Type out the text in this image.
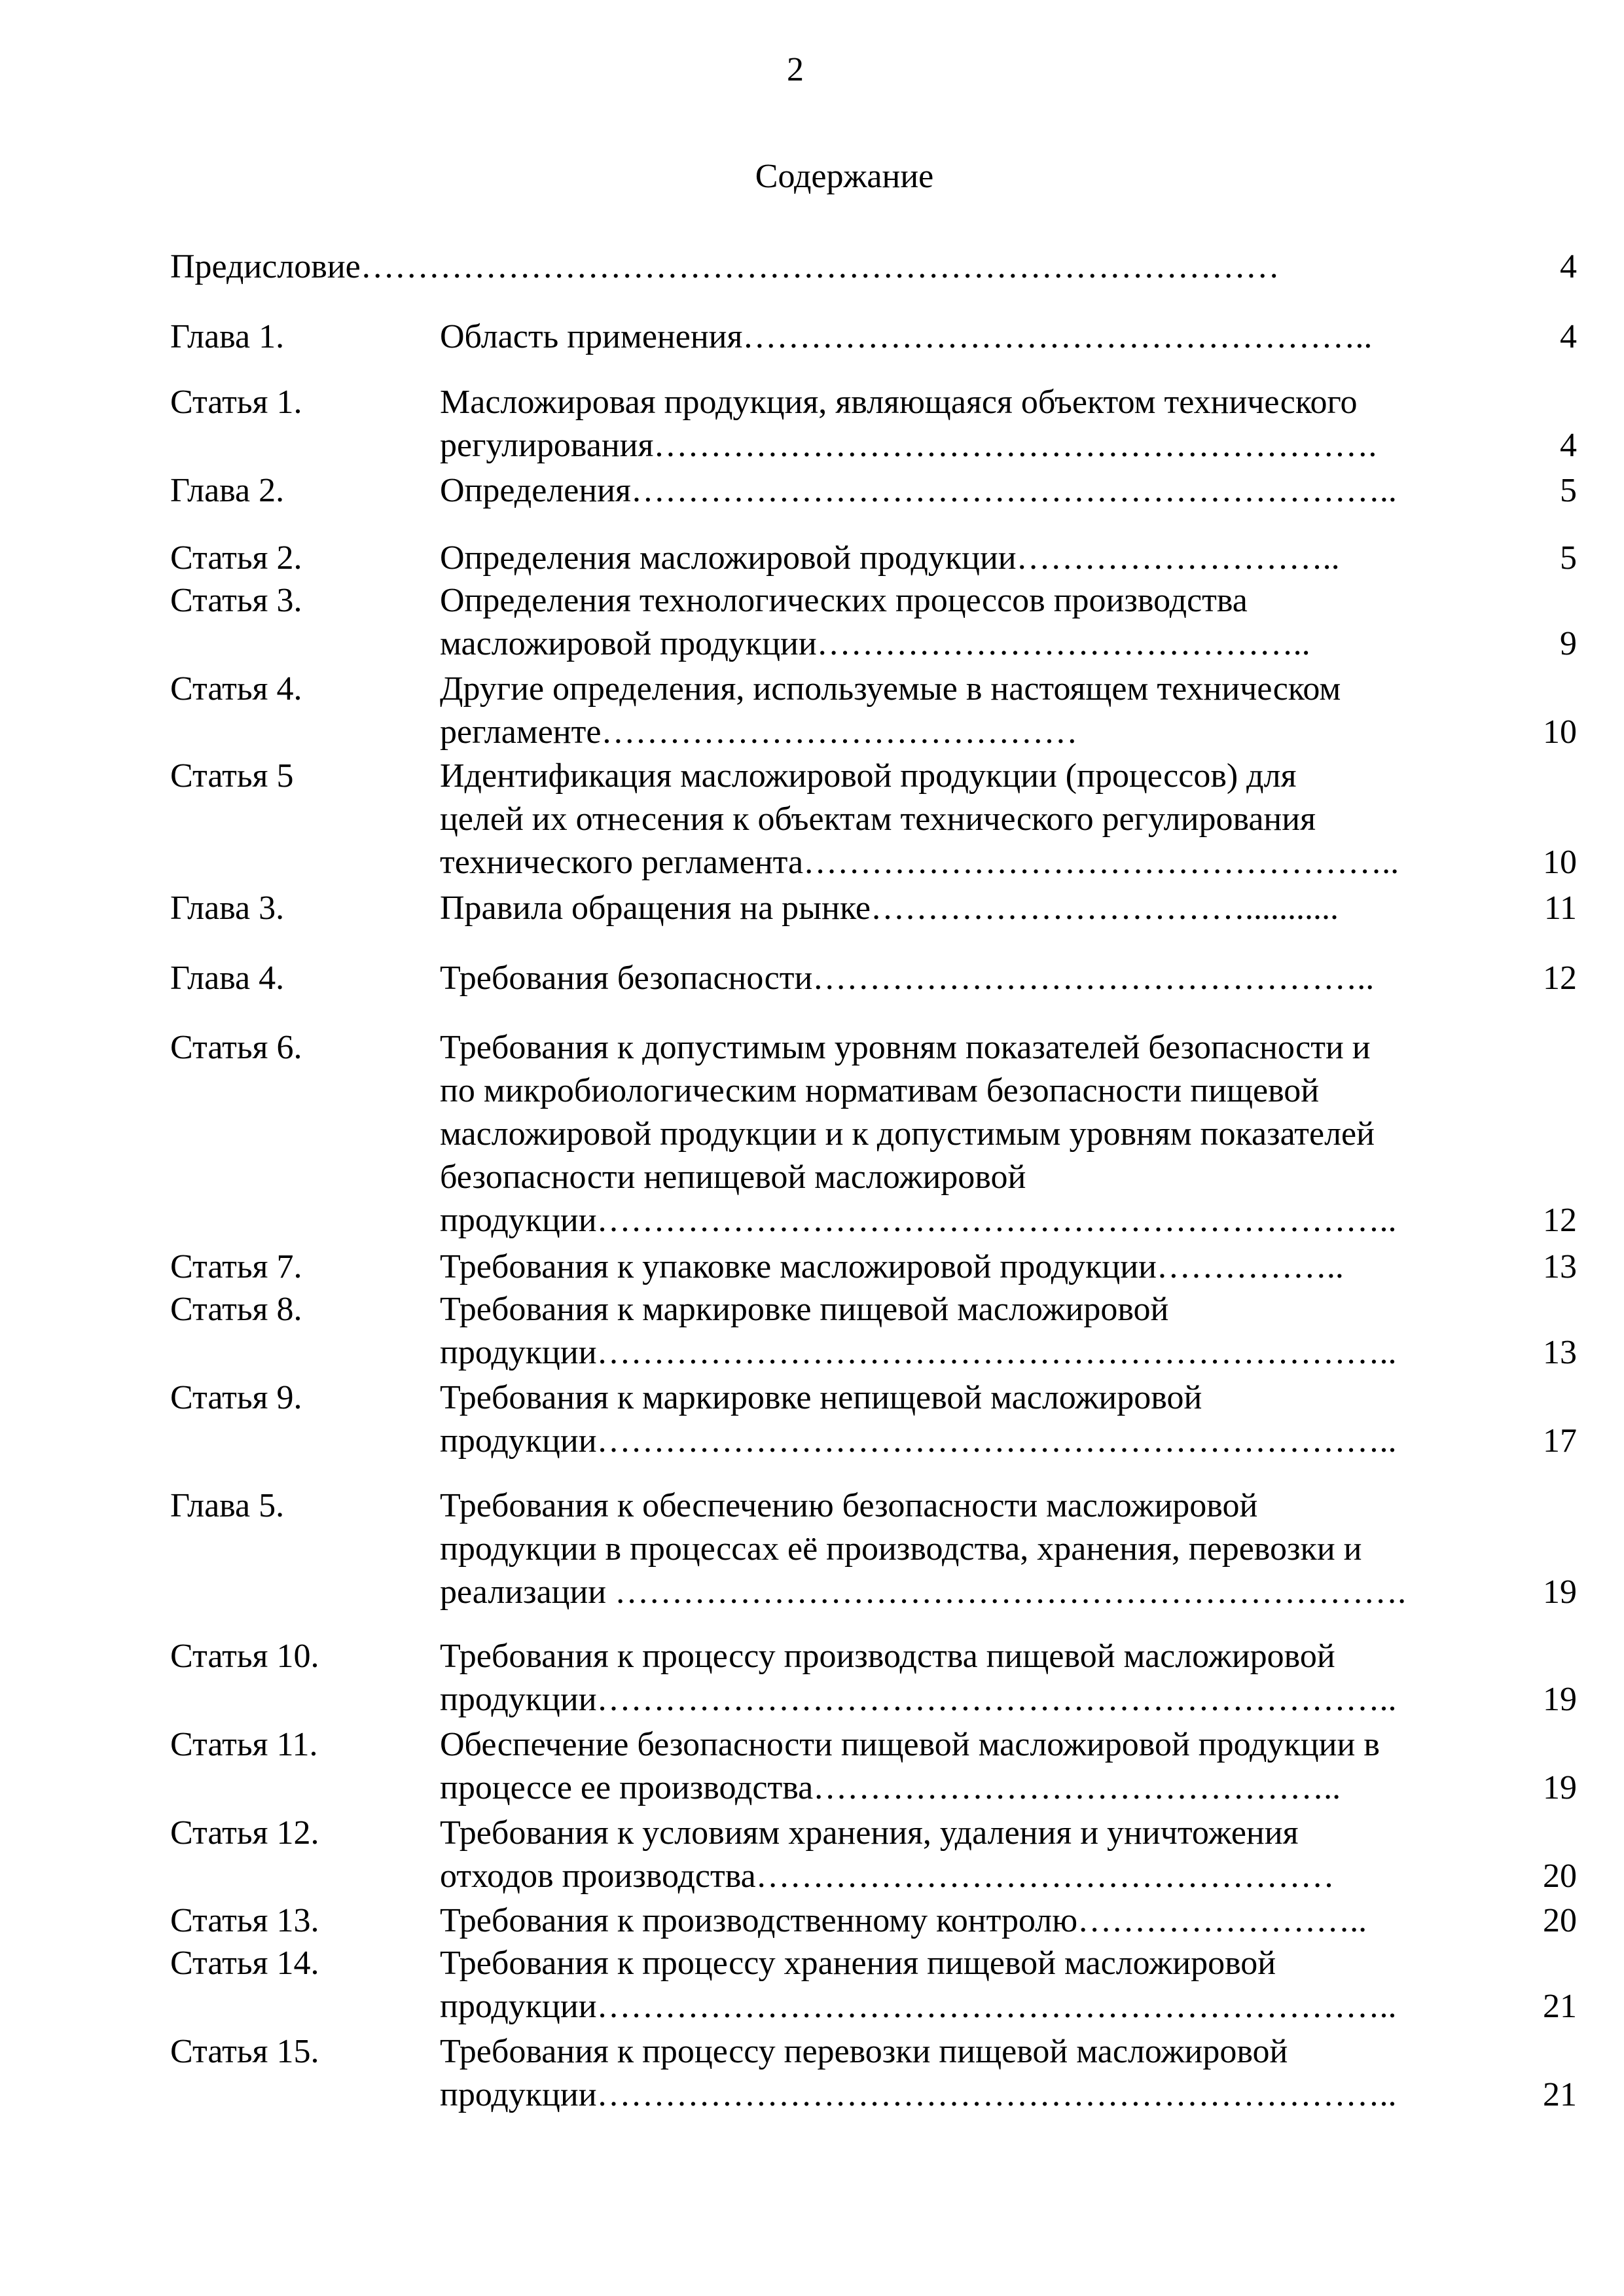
2
Содержание
Предисловие………………………………………………………………………	4
Глава 1.	Область применения………………………………………………..	4
Статья 1.	Масложировая продукция, являющаяся объектом технического
регулирования……………………………………………………….	4
Глава 2.	Определения…………………………………………………………..	5
Статья 2.	Определения масложировой продукции………………………..	5
Статья 3.	Определения технологических процессов производства
масложировой продукции……………………………………..	9
Статья 4.	Другие определения, используемые в настоящем техническом
регламенте……………………………………	10
Статья 5	Идентификация масложировой продукции (процессов) для
целей их отнесения к объектам технического регулирования
технического регламента……………………………………………..	10
Глава 3.	Правила обращения на рынке……………………………...........	11
Глава 4.	Требования безопасности…………………………………………..	12
Статья 6.	Требования к допустимым уровням показателей безопасности и
по микробиологическим нормативам безопасности пищевой
масложировой продукции и к допустимым уровням показателей
безопасности непищевой масложировой
продукции……………………………………………………………..	12
Статья 7.	Требования к упаковке масложировой продукции……………..	13
Статья 8.	Требования к маркировке пищевой масложировой
продукции……………………………………………………………..	13
Статья 9.	Требования к маркировке непищевой масложировой
продукции……………………………………………………………..	17
Глава 5.	Требования к обеспечению безопасности масложировой
продукции в процессах её производства, хранения, перевозки и
реализации …………………………………………………………….	19
Статья 10.	Требования к процессу производства пищевой масложировой
продукции……………………………………………………………..	19
Статья 11.	Обеспечение безопасности пищевой масложировой продукции в
процессе ее производства………………………………………..	19
Статья 12.	Требования к условиям хранения, удаления и уничтожения
отходов производства……………………………………………	20
Статья 13.	Требования к производственному контролю……………………..	20
Статья 14.	Требования к процессу хранения пищевой масложировой
продукции……………………………………………………………..	21
Статья 15.	Требования к процессу перевозки пищевой масложировой
продукции……………………………………………………………..	21
